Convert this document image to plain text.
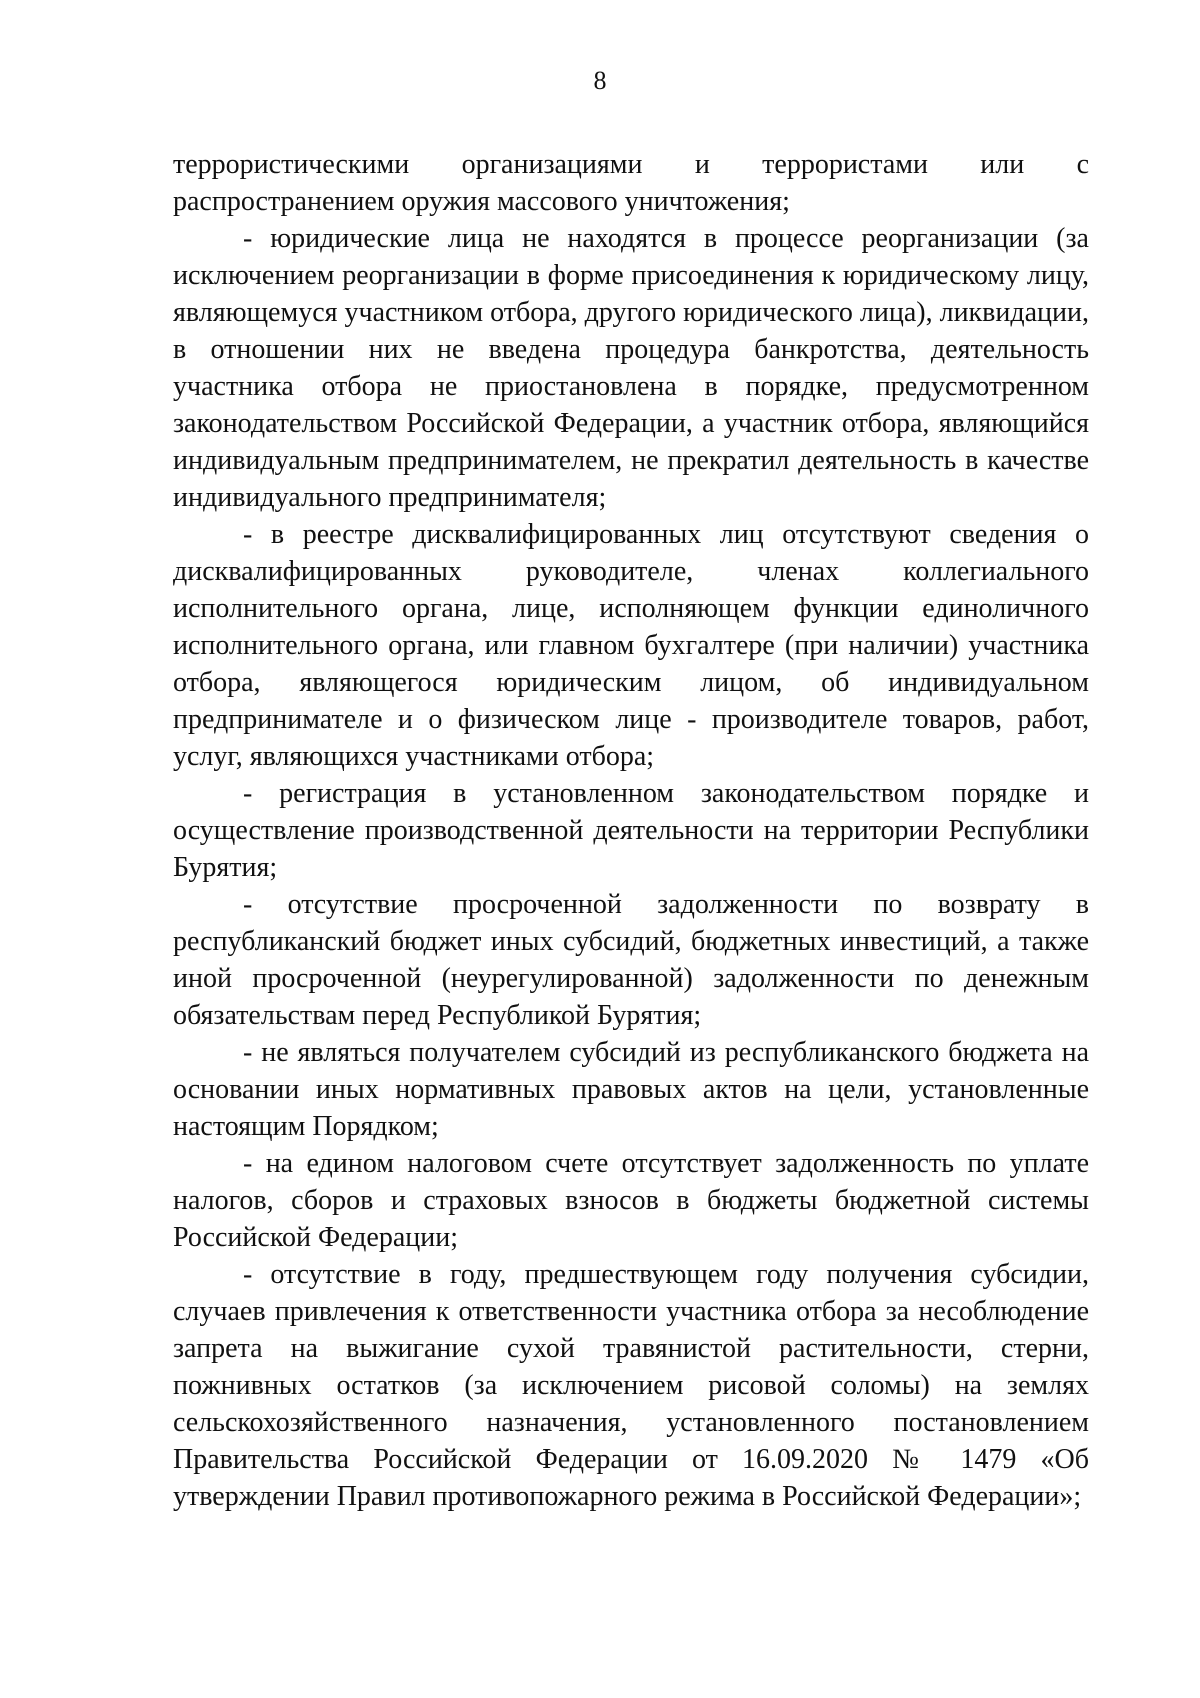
8

террористическими организациями и террористами или с распространением оружия массового уничтожения;

- юридические лица не находятся в процессе реорганизации (за исключением реорганизации в форме присоединения к юридическому лицу, являющемуся участником отбора, другого юридического лица), ликвидации, в отношении них не введена процедура банкротства, деятельность участника отбора не приостановлена в порядке, предусмотренном законодательством Российской Федерации, а участник отбора, являющийся индивидуальным предпринимателем, не прекратил деятельность в качестве индивидуального предпринимателя;

- в реестре дисквалифицированных лиц отсутствуют сведения о дисквалифицированных руководителе, членах коллегиального исполнительного органа, лице, исполняющем функции единоличного исполнительного органа, или главном бухгалтере (при наличии) участника отбора, являющегося юридическим лицом, об индивидуальном предпринимателе и о физическом лице - производителе товаров, работ, услуг, являющихся участниками отбора;

- регистрация в установленном законодательством порядке и осуществление производственной деятельности на территории Республики Бурятия;

- отсутствие просроченной задолженности по возврату в республиканский бюджет иных субсидий, бюджетных инвестиций, а также иной просроченной (неурегулированной) задолженности по денежным обязательствам перед Республикой Бурятия;

- не являться получателем субсидий из республиканского бюджета на основании иных нормативных правовых актов на цели, установленные настоящим Порядком;

- на едином налоговом счете отсутствует задолженность по уплате налогов, сборов и страховых взносов в бюджеты бюджетной системы Российской Федерации;

- отсутствие в году, предшествующем году получения субсидии, случаев привлечения к ответственности участника отбора за несоблюдение запрета на выжигание сухой травянистой растительности, стерни, пожнивных остатков (за исключением рисовой соломы) на землях сельскохозяйственного назначения, установленного постановлением Правительства Российской Федерации от 16.09.2020 № 1479 «Об утверждении Правил противопожарного режима в Российской Федерации»;
